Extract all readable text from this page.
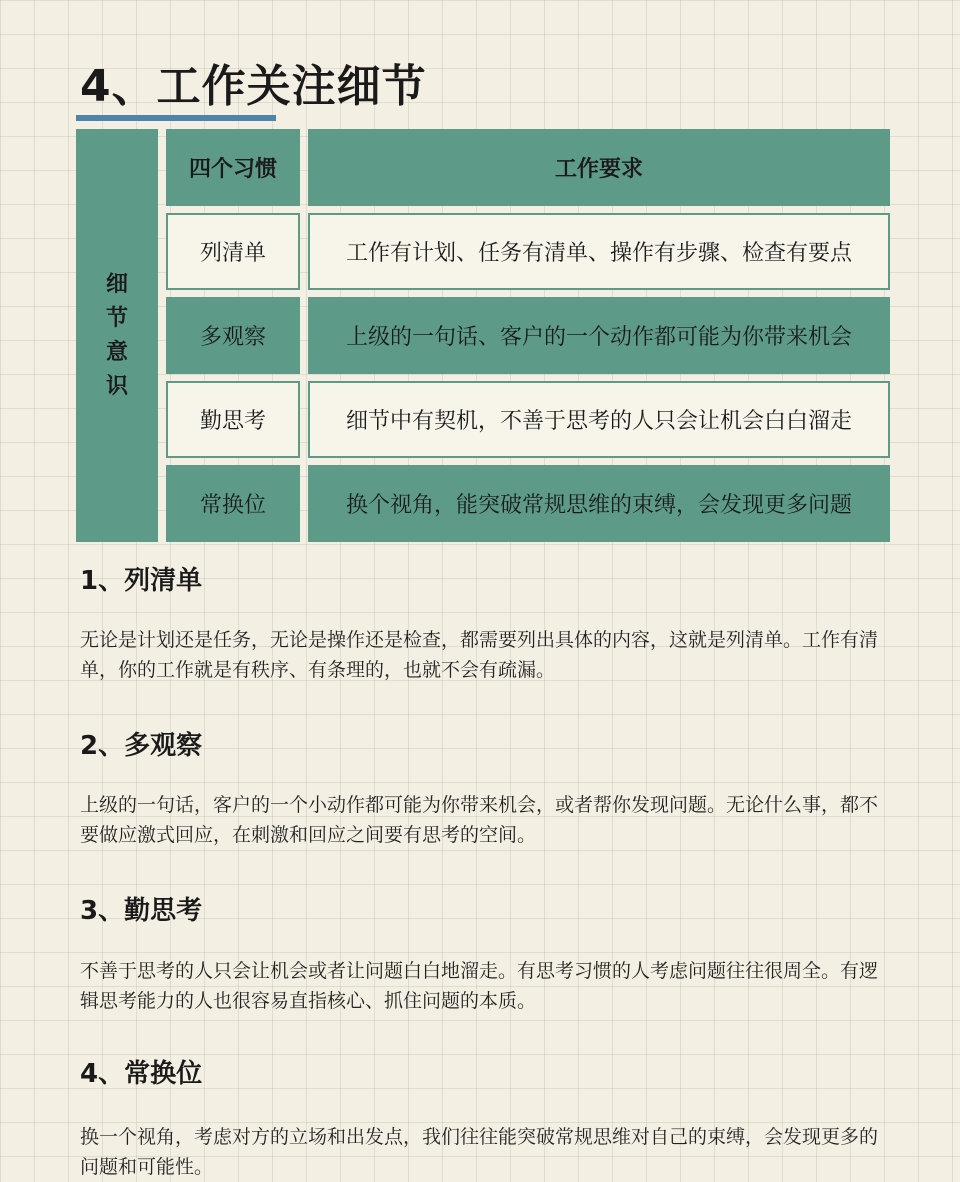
4、工作关注细节
细节意识
四个习惯	工作要求
列清单	工作有计划、任务有清单、操作有步骤、检查有要点
多观察	上级的一句话、客户的一个动作都可能为你带来机会
勤思考	细节中有契机，不善于思考的人只会让机会白白溜走
常换位	换个视角，能突破常规思维的束缚，会发现更多问题
1、列清单

无论是计划还是任务，无论是操作还是检查，都需要列出具体的内容，这就是列清单。工作有清单，你的工作就是有秩序、有条理的，也就不会有疏漏。

2、多观察

上级的一句话，客户的一个小动作都可能为你带来机会，或者帮你发现问题。无论什么事，都不要做应激式回应，在刺激和回应之间要有思考的空间。

3、勤思考

不善于思考的人只会让机会或者让问题白白地溜走。有思考习惯的人考虑问题往往很周全。有逻辑思考能力的人也很容易直指核心、抓住问题的本质。

4、常换位

换一个视角，考虑对方的立场和出发点，我们往往能突破常规思维对自己的束缚，会发现更多的问题和可能性。
